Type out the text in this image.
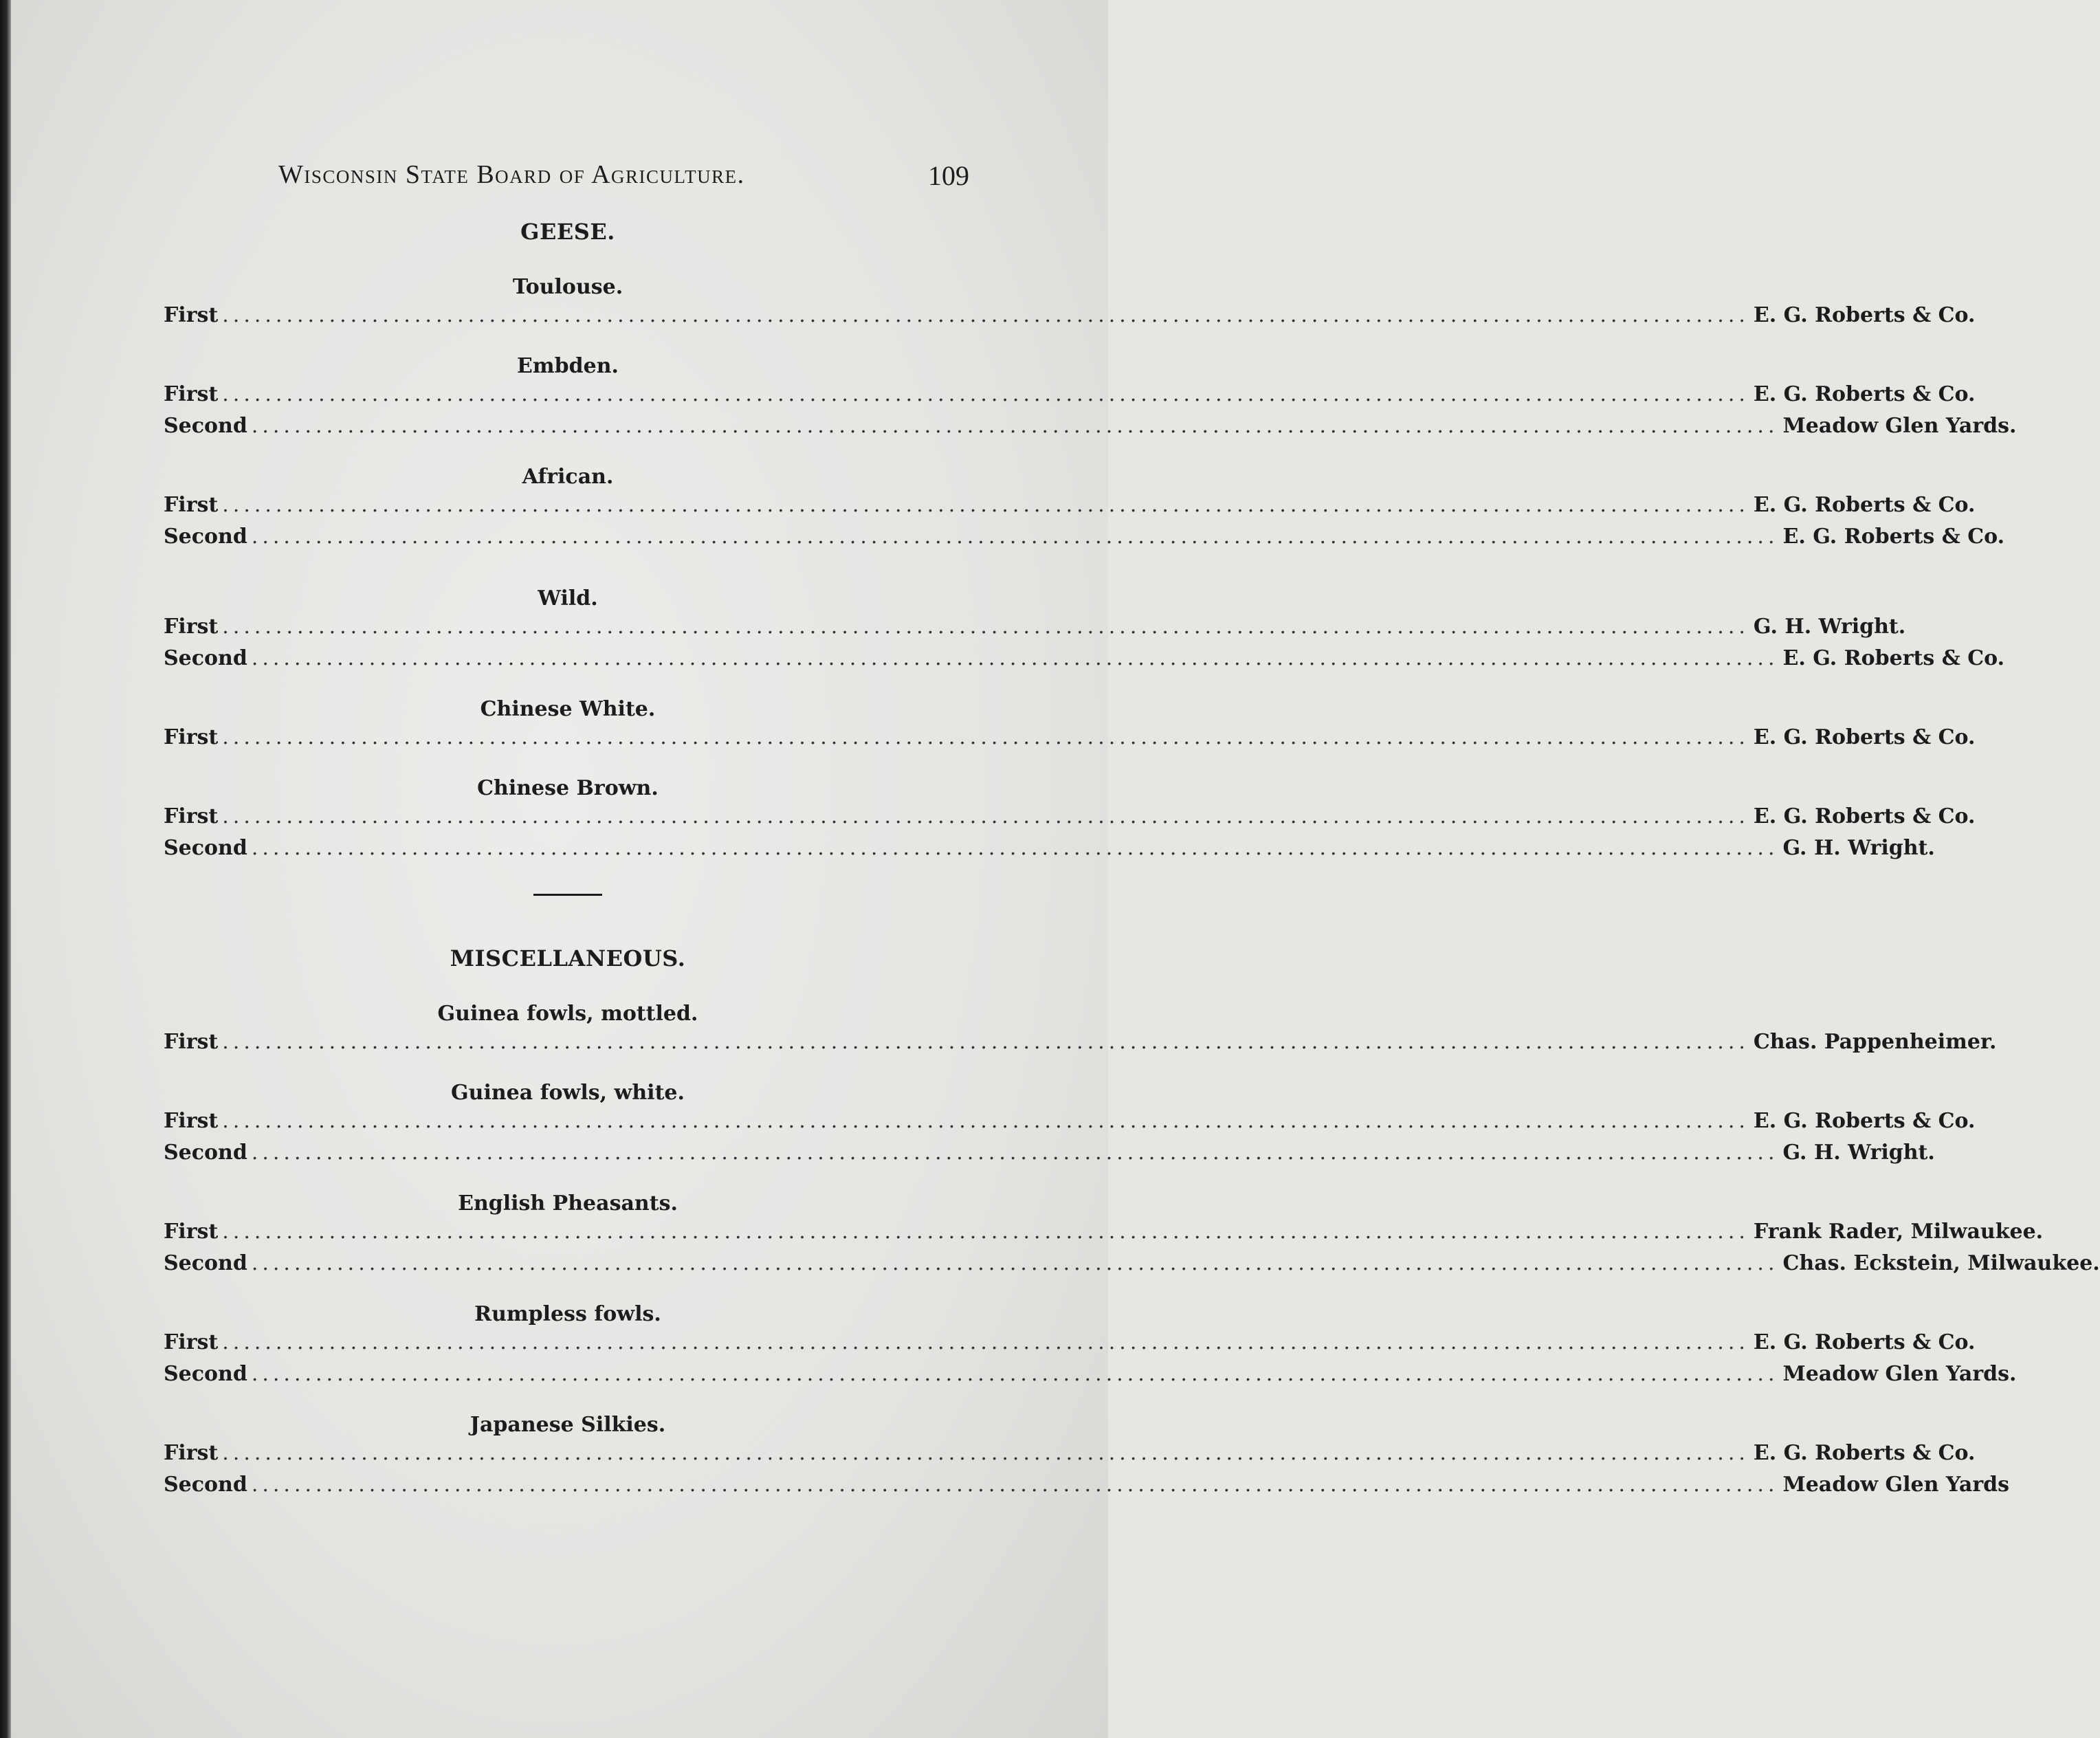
Wisconsin State Board of Agriculture.	109
GEESE.
Toulouse.
First ............................................................................................................................................... E. G. Roberts & Co.
Embden.
First ............................................................................................................................................... E. G. Roberts & Co.
Second ............................................................................................................................................... Meadow Glen Yards.
African.
First ............................................................................................................................................... E. G. Roberts & Co.
Second ............................................................................................................................................... E. G. Roberts & Co.
Wild.
First ............................................................................................................................................... G. H. Wright.
Second ............................................................................................................................................... E. G. Roberts & Co.
Chinese White.
First ............................................................................................................................................... E. G. Roberts & Co.
Chinese Brown.
First ............................................................................................................................................... E. G. Roberts & Co.
Second ............................................................................................................................................... G. H. Wright.
MISCELLANEOUS.
Guinea fowls, mottled.
First ............................................................................................................................................... Chas. Pappenheimer.
Guinea fowls, white.
First ............................................................................................................................................... E. G. Roberts & Co.
Second ............................................................................................................................................... G. H. Wright.
English Pheasants.
First ............................................................................................................................................... Frank Rader, Milwaukee.
Second ............................................................................................................................................... Chas. Eckstein, Milwaukee.
Rumpless fowls.
First ............................................................................................................................................... E. G. Roberts & Co.
Second ............................................................................................................................................... Meadow Glen Yards.
Japanese Silkies.
First ............................................................................................................................................... E. G. Roberts & Co.
Second ............................................................................................................................................... Meadow Glen Yards
